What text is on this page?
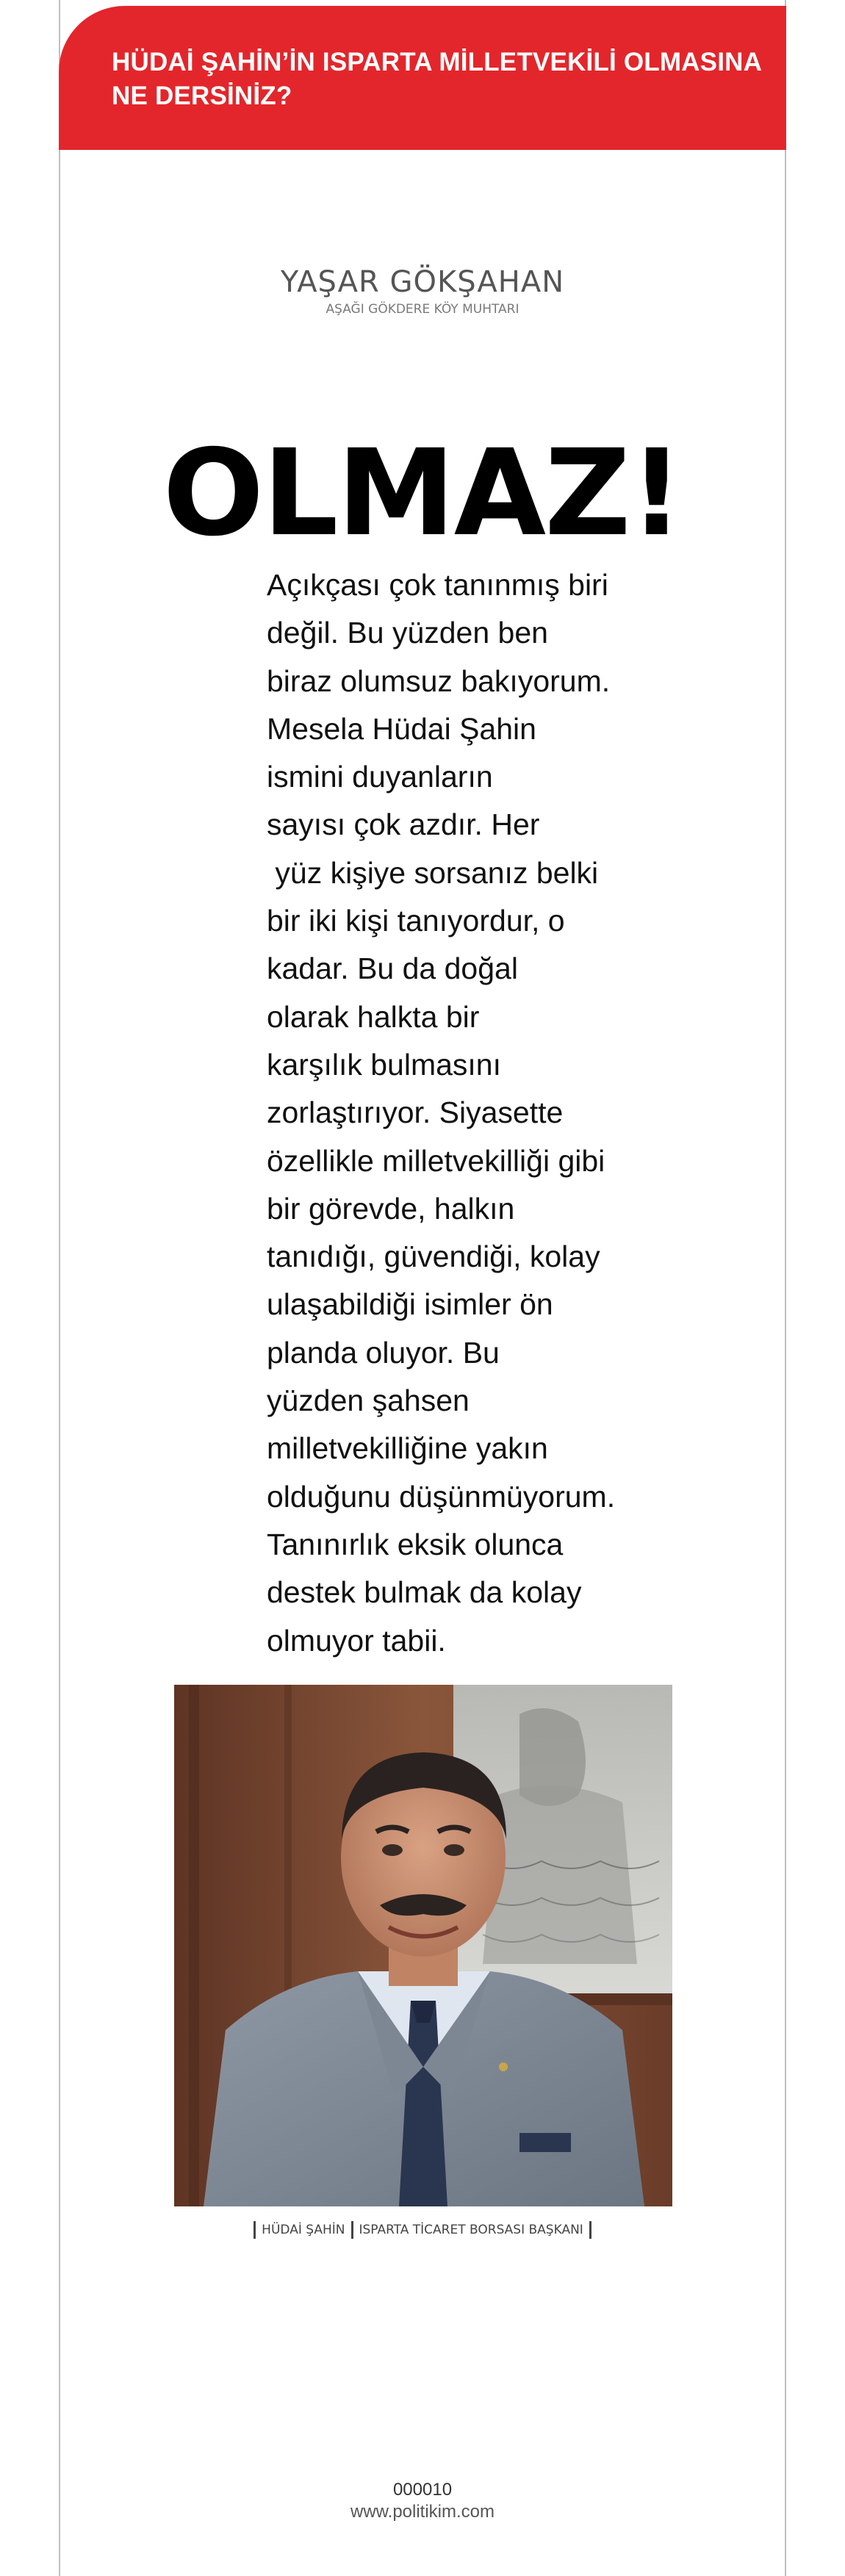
HÜDAİ ŞAHİN’İN ISPARTA MİLLETVEKİLİ OLMASINA
NE DERSİNİZ?
YAŞAR GÖKŞAHAN
AŞAĞI GÖKDERE KÖY MUHTARI
OLMAZ!
Açıkçası çok tanınmış biri
değil. Bu yüzden ben
biraz olumsuz bakıyorum.
Mesela Hüdai Şahin
ismini duyanların
sayısı çok azdır. Her
yüz kişiye sorsanız belki
bir iki kişi tanıyordur, o
kadar. Bu da doğal
olarak halkta bir
karşılık bulmasını
zorlaştırıyor. Siyasette
özellikle milletvekilliği gibi
bir görevde, halkın
tanıdığı, güvendiği, kolay
ulaşabildiği isimler ön
planda oluyor. Bu
yüzden şahsen
milletvekilliğine yakın
olduğunu düşünmüyorum.
Tanınırlık eksik olunca
destek bulmak da kolay
olmuyor tabii.
HÜDAİ ŞAHİN ISPARTA TİCARET BORSASI BAŞKANI
000010
www.politikim.com
